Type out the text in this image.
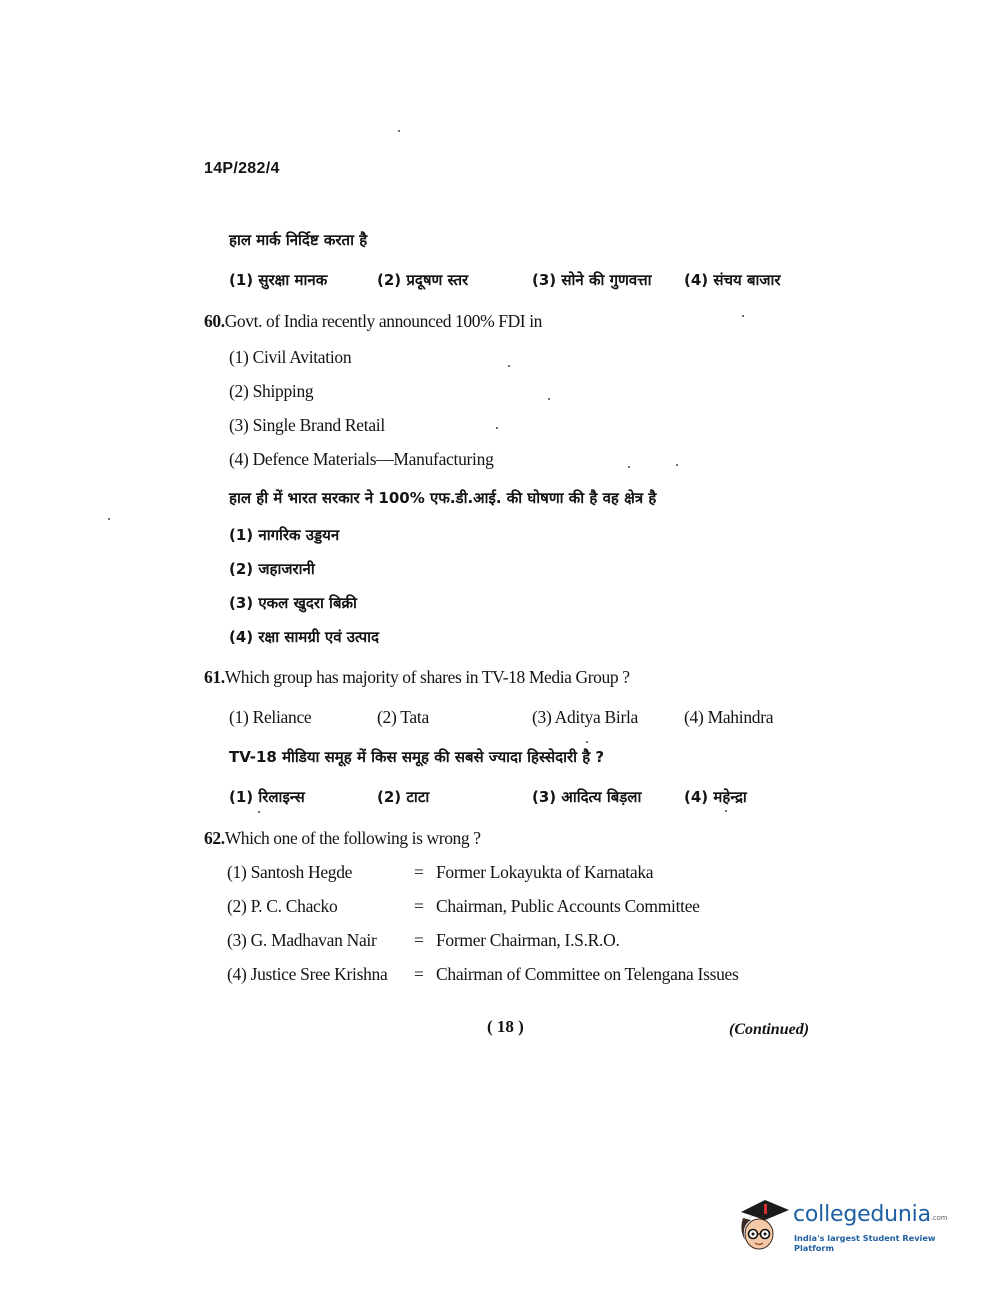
14P/282/4
हाल मार्क निर्दिष्ट करता है
(1) सुरक्षा मानक	(2) प्रदूषण स्तर	(3) सोने की गुणवत्ता (4) संचय बाजार
60.Govt. of India recently announced 100% FDI in
(1) Civil Avitation
(2) Shipping
(3) Single Brand Retail
(4) Defence Materials—Manufacturing
हाल ही में भारत सरकार ने 100% एफ.डी.आई. की घोषणा की है वह क्षेत्र है
(1) नागरिक उड्डयन
(2) जहाजरानी
(3) एकल खुदरा बिक्री
(4) रक्षा सामग्री एवं उत्पाद
61.Which group has majority of shares in TV-18 Media Group ?
(1) Reliance	(2) Tata	(3) Aditya Birla	(4) Mahindra
TV-18 मीडिया समूह में किस समूह की सबसे ज्यादा हिस्सेदारी है ?
(1) रिलाइन्स	(2) टाटा	(3) आदित्य बिड़ला	(4) महेन्द्रा
62.Which one of the following is wrong ?
(1) Santosh Hegde	= Former Lokayukta of Karnataka
(2) P. C. Chacko	= Chairman, Public Accounts Committee
(3) G. Madhavan Nair = Former Chairman, I.S.R.O.
(4) Justice Sree Krishna = Chairman of Committee on Telengana Issues
( 18 )	(Continued)
collegedunia$^{.com}$
India's largest Student Review Platform
